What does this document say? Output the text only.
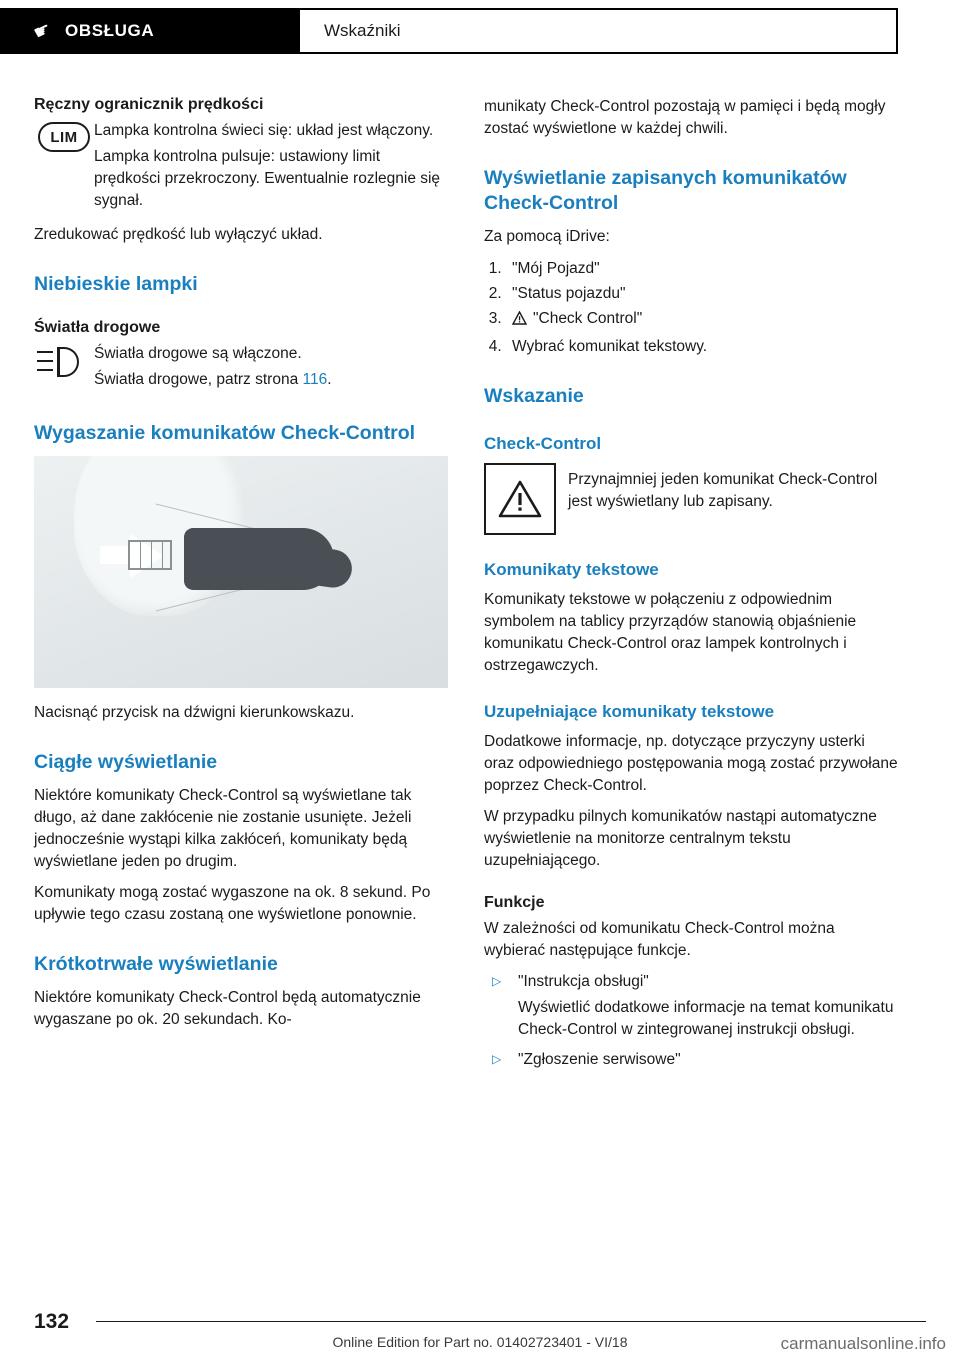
☛ OBSŁUGA	Wskaźniki
Ręczny ogranicznik prędkości
LIM	Lampka kontrolna świeci się: układ jest włączony.

Lampka kontrolna pulsuje: ustawiony limit prędkości przekroczony. Ewentualnie rozlegnie się sygnał.

Zredukować prędkość lub wyłączyć układ.

Niebieskie lampki
Światła drogowe

Światła drogowe są włączone.

Światła drogowe, patrz strona 116.

Wygaszanie komunikatów Check-Control

Nacisnąć przycisk na dźwigni kierunkowskazu.

Ciągłe wyświetlanie

Niektóre komunikaty Check-Control są wyświetlane tak długo, aż dane zakłócenie nie zostanie usunięte. Jeżeli jednocześnie wystąpi kilka zakłóceń, komunikaty będą wyświetlane jeden po drugim.

Komunikaty mogą zostać wygaszone na ok. 8 sekund. Po upływie tego czasu zostaną one wyświetlone ponownie.

Krótkotrwałe wyświetlanie

Niektóre komunikaty Check-Control będą automatycznie wygaszane po ok. 20 sekundach. Ko-

munikaty Check-Control pozostają w pamięci i będą mogły zostać wyświetlone w każdej chwili.

Wyświetlanie zapisanych komunikatów Check-Control

Za pomocą iDrive:

1. "Mój Pojazd"
2. "Status pojazdu"
3. "Check Control"
4. Wybrać komunikat tekstowy.
Wskazanie
Check-Control

Przynajmniej jeden komunikat Check-Control jest wyświetlany lub zapisany.

Komunikaty tekstowe

Komunikaty tekstowe w połączeniu z odpowiednim symbolem na tablicy przyrządów stanowią objaśnienie komunikatu Check-Control oraz lampek kontrolnych i ostrzegawczych.

Uzupełniające komunikaty tekstowe

Dodatkowe informacje, np. dotyczące przyczyny usterki oraz odpowiedniego postępowania mogą zostać przywołane poprzez Check-Control.

W przypadku pilnych komunikatów nastąpi automatyczne wyświetlenie na monitorze centralnym tekstu uzupełniającego.

Funkcje

W zależności od komunikatu Check-Control można wybierać następujące funkcje.

▷	"Instrukcja obsługi"
Wyświetlić dodatkowe informacje na temat komunikatu Check-Control w zintegrowanej instrukcji obsługi.
▷	"Zgłoszenie serwisowe"
132
Online Edition for Part no. 01402723401 - VI/18	carmanualsonline.info
